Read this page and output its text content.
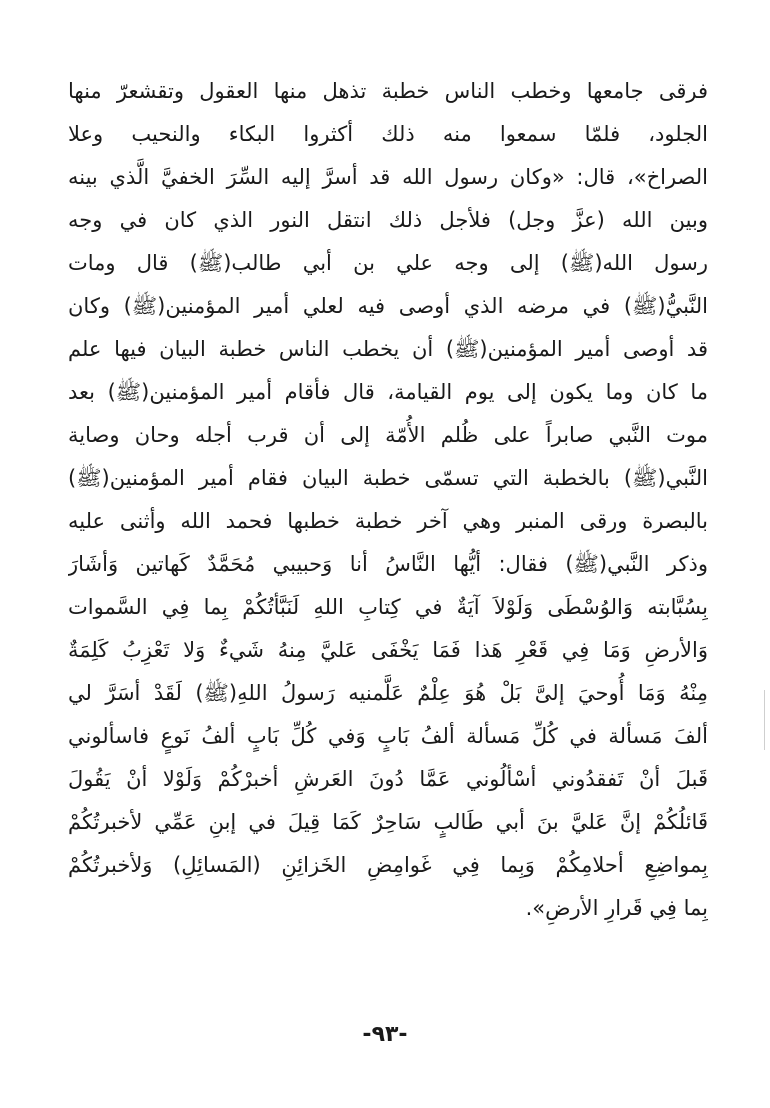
فرقى جامعها وخطب الناس خطبة تذهل منها العقول وتقشعرّ منها
الجلود، فلمّا سمعوا منه ذلك أكثروا البكاء والنحيب وعلا
الصراخ»، قال: «وكان رسول الله قد أسرَّ إليه السِّرَ الخفيَّ الَّذي بينه
وبين الله (عزَّ وجل) فلأجل ذلك انتقل النور الذي كان في وجه
رسول الله(ﷺ) إلى وجه علي بن أبي طالب(ﷺ) قال ومات
النَّبيُّ(ﷺ) في مرضه الذي أوصى فيه لعلي أمير المؤمنين(ﷺ) وكان
قد أوصى أمير المؤمنين(ﷺ) أن يخطب الناس خطبة البيان فيها علم
ما كان وما يكون إلى يوم القيامة، قال فأقام أمير المؤمنين(ﷺ) بعد
موت النَّبي صابراً على ظُلم الأُمّة إلى أن قرب أجله وحان وصاية
النَّبي(ﷺ) بالخطبة التي تسمّى خطبة البيان فقام أمير المؤمنين(ﷺ)
بالبصرة ورقى المنبر وهي آخر خطبة خطبها فحمد الله وأثنى عليه
وذكر النَّبي(ﷺ) فقال: أيُّها النَّاسُ أنا وَحبيبي مُحَمَّدٌ كَهاتين وَأشَارَ
بِسُبَّابته وَالوُسْطَى وَلَوْلاَ آيَةٌ في كِتابِ اللهِ لَنَبَّأتُكُمْ بِما فِي السَّموات
وَالأرضِ وَمَا فِي قَعْرِ هَذا فَمَا يَخْفَى عَليَّ مِنهُ شَيءٌ وَلا تَعْزِبُ كَلِمَةٌ
مِنْهُ وَمَا أُوحيَ إلىَّ بَلْ هُوَ عِلْمٌ عَلَّمنيه رَسولُ اللهِ(ﷺ) لَقَدْ أسَرَّ لي
ألفَ مَسألة في كُلِّ مَسألة ألفُ بَابٍ وَفي كُلِّ بَابٍ ألفُ نَوعٍ فاسألوني
قَبلَ أنْ تَفقدُوني أسْألُوني عَمَّا دُونَ العَرشِ أخبرْكُمْ وَلَوْلا أنْ يَقُولَ
قَائلُكُمْ إنَّ عَليَّ بنَ أبي طَالبٍ سَاحِرٌ كَمَا قِيلَ في إبنِ عَمِّي لأخبرتُكُمْ
بِمواضِعِ أحلامِكُمْ وَبِما فِي غَوامِضِ الخَزائِنِ (المَسائِلِ) وَلأخبرتُكُمْ
بِما فِي قَرارِ الأرضِ».
-٩٣-
